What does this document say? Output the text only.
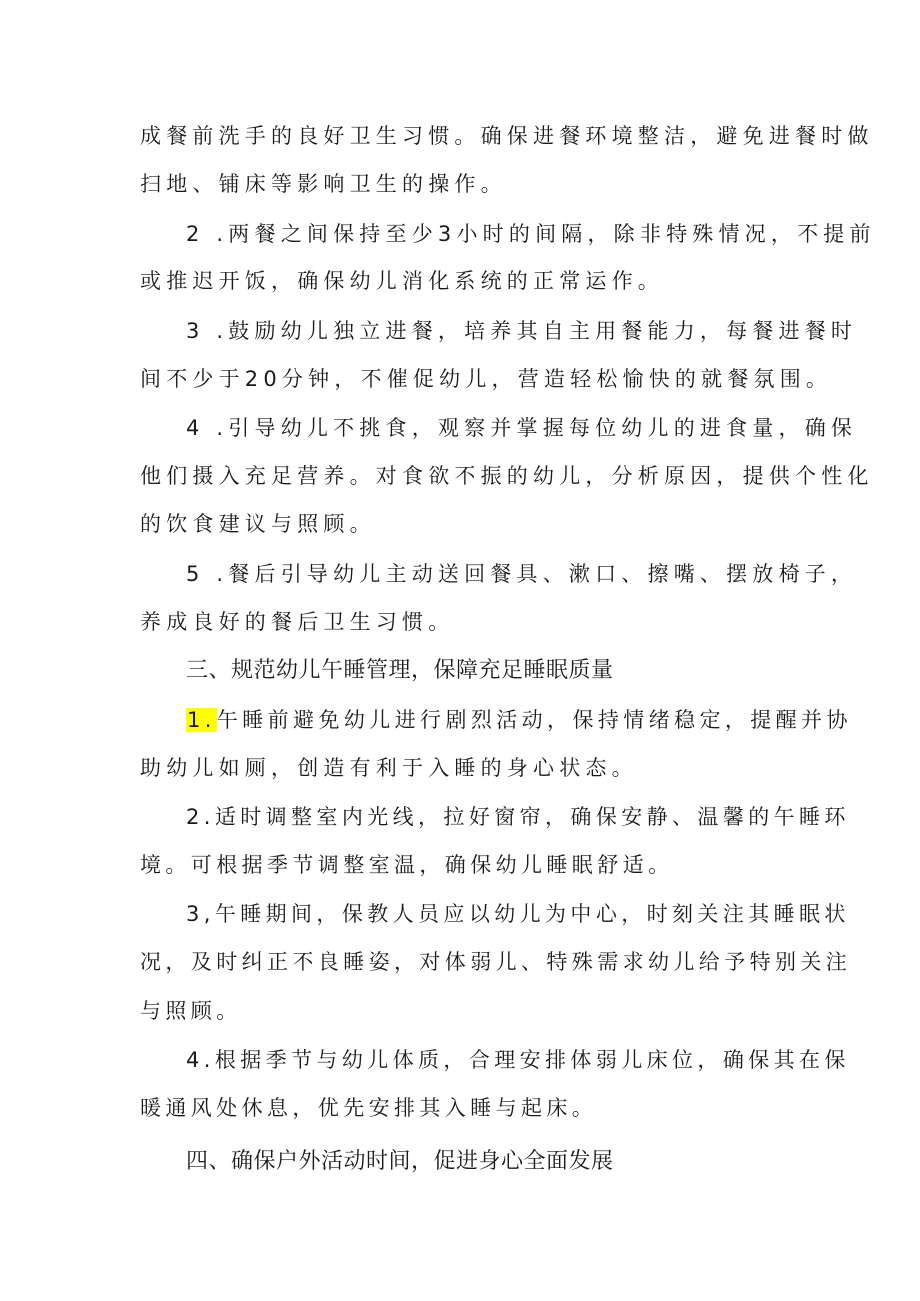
成餐前洗手的良好卫生习惯。确保进餐环境整洁，避免进餐时做
扫地、铺床等影响卫生的操作。
2 .两餐之间保持至少3小时的间隔，除非特殊情况，不提前
或推迟开饭，确保幼儿消化系统的正常运作。
3 .鼓励幼儿独立进餐，培养其自主用餐能力，每餐进餐时
间不少于20分钟，不催促幼儿，营造轻松愉快的就餐氛围。
4 .引导幼儿不挑食，观察并掌握每位幼儿的进食量，确保
他们摄入充足营养。对食欲不振的幼儿，分析原因，提供个性化
的饮食建议与照顾。
5 .餐后引导幼儿主动送回餐具、漱口、擦嘴、摆放椅子，
养成良好的餐后卫生习惯。
三、规范幼儿午睡管理，保障充足睡眠质量
1.午睡前避免幼儿进行剧烈活动，保持情绪稳定，提醒并协
助幼儿如厕，创造有利于入睡的身心状态。
2.适时调整室内光线，拉好窗帘，确保安静、温馨的午睡环
境。可根据季节调整室温，确保幼儿睡眠舒适。
3,午睡期间，保教人员应以幼儿为中心，时刻关注其睡眠状
况，及时纠正不良睡姿，对体弱儿、特殊需求幼儿给予特别关注
与照顾。
4.根据季节与幼儿体质，合理安排体弱儿床位，确保其在保
暖通风处休息，优先安排其入睡与起床。
四、确保户外活动时间，促进身心全面发展
